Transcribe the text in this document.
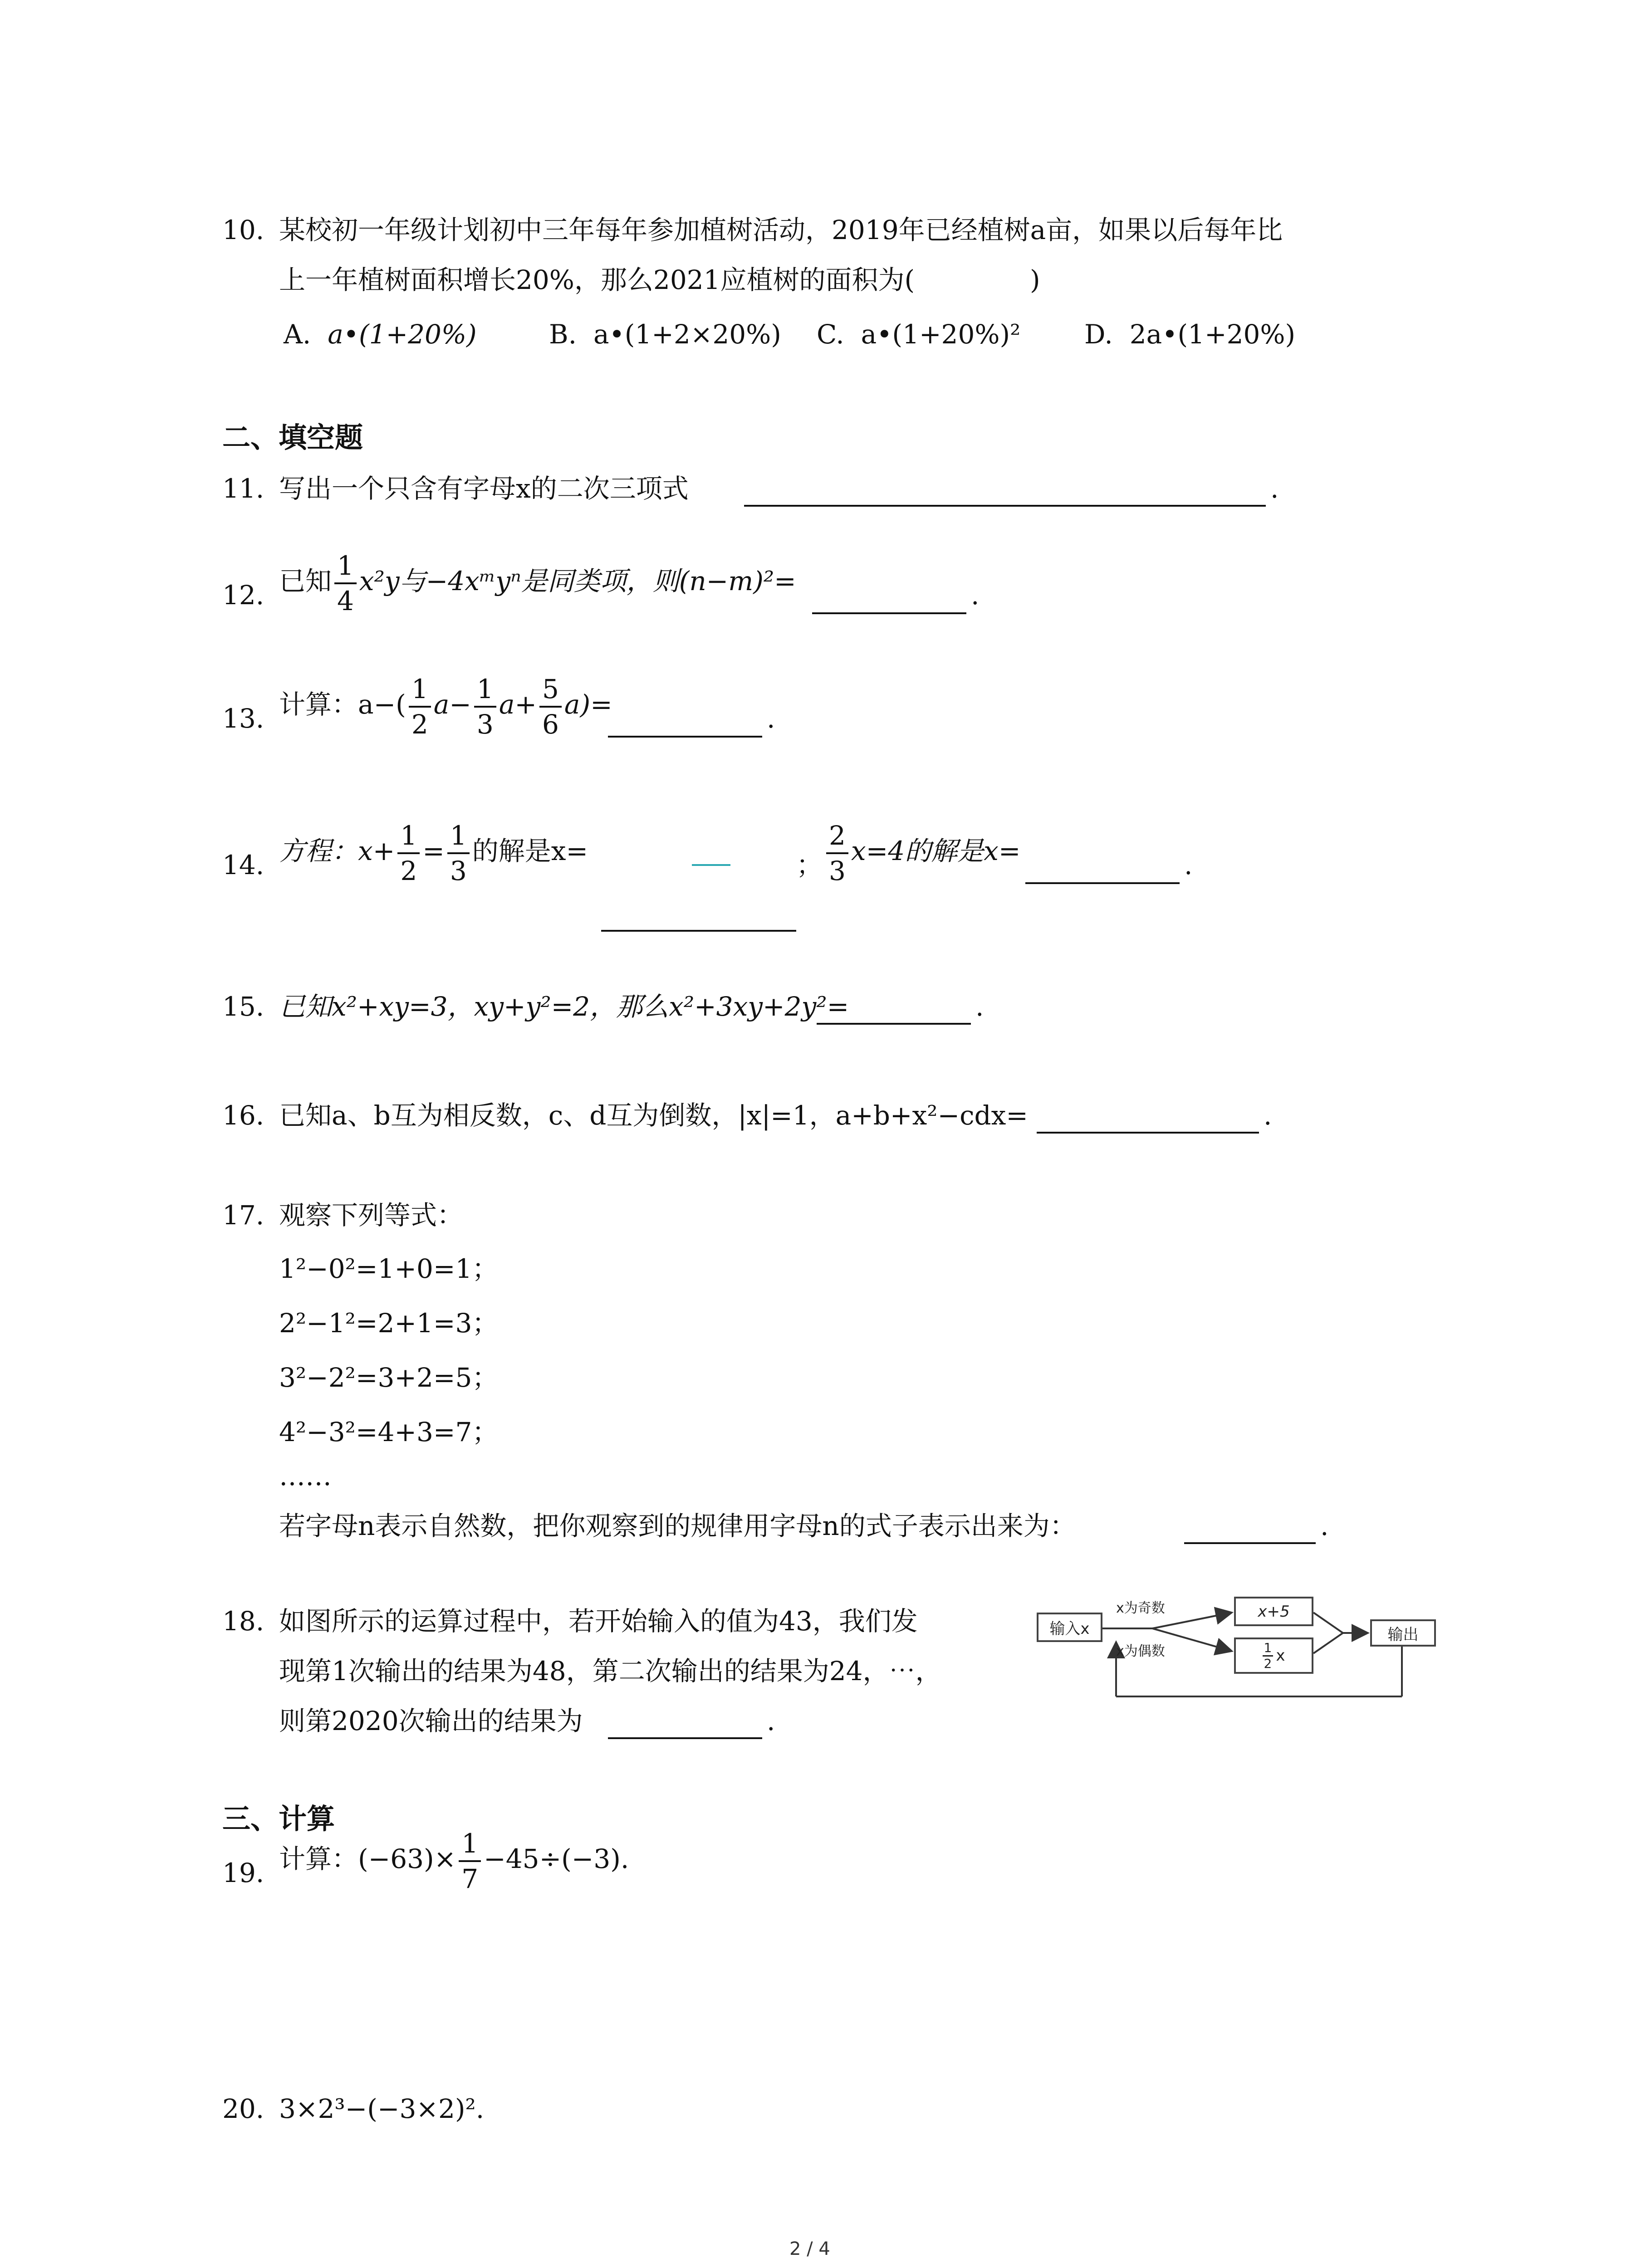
10. 某校初一年级计划初中三年每年参加植树活动，2019年已经植树a亩，如果以后每年比
上一年植树面积增长20%，那么2021应植树的面积为(	)
A. a•(1+20%)	B. a•(1+2×20%) C. a•(1+20%)² D. 2a•(1+20%)
二、填空题
11. 写出一个只含有字母x的二次三项式	.
12. 已知 $\frac{1}{4} x^2y$与−4xᵐyⁿ是同类项，则(n−m)²=	.
13. 计算：$a-( \frac{1}{2} a- \frac{1}{3} a+ \frac{5}{6} a)=$	.
14. 方程：$x+ \frac{1}{2} = \frac{1}{3}$ 的解是x=	； $\frac{2}{3} x=4$的解是x=	.
15. 已知x²+xy=3，xy+y²=2，那么x²+3xy+2y²=	.
16. 已知a、b互为相反数，c、d互为倒数，|x|=1，a+b+x²−cdx=	.
17. 观察下列等式：
1²−0²=1+0=1；
2²−1²=2+1=3；
3²−2²=3+2=5；
4²−3²=4+3=7；
……
若字母n表示自然数，把你观察到的规律用字母n的式子表示出来为：	.
18. 如图所示的运算过程中，若开始输入的值为43，我们发
现第1次输出的结果为48，第二次输出的结果为24，⋯，
则第2020次输出的结果为	.
输入x
x为奇数
x为偶数
x+5
1
2 x
输出
三、计算
19. 计算：$(-63)\times \frac{1}{7} -45\div(-3)$.
20. 3×2³−(−3×2)².
2 / 4
